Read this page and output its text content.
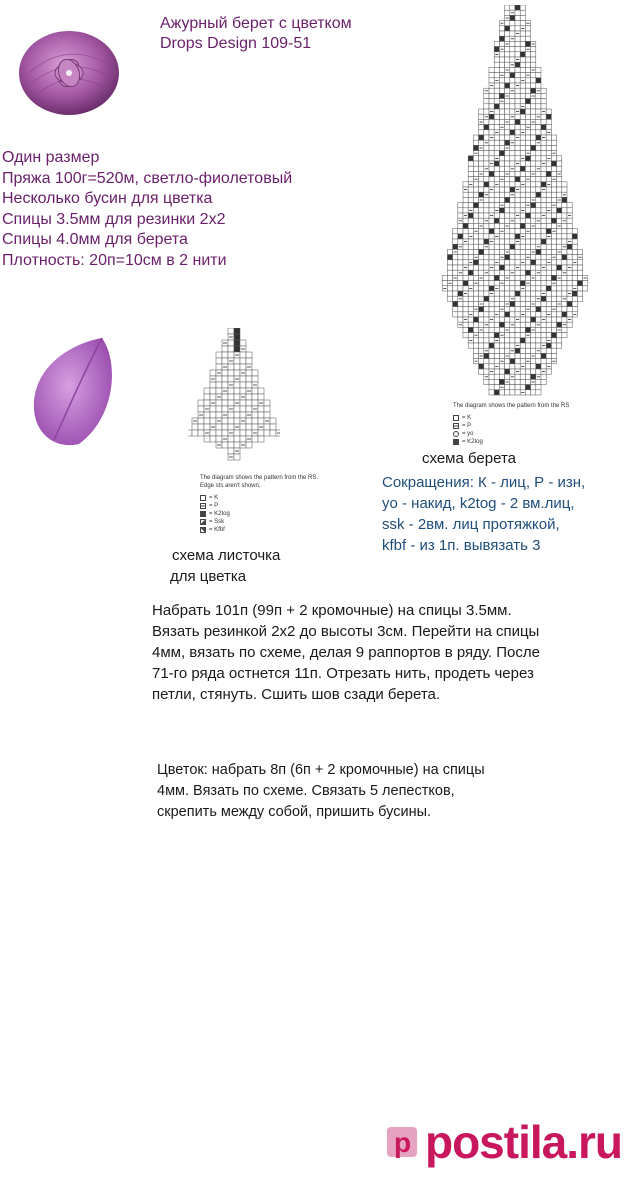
Ажурный берет с цветком
Drops Design 109-51
Один размер
Пряжа 100г=520м, светло-фиолетовый
Несколько бусин для цветка
Спицы 3.5мм для резинки 2х2
Спицы 4.0мм для берета
Плотность: 20п=10см в 2 нити
The diagram shows the pattern from the RS
= K
= P
= yo
= K2tog
схема берета
The diagram shows the pattern from the RS.
Edge sts aren't shown.
= K
= P
= K2tog
= Ssk
= Kfbf
схема листочка
для цветка
Сокращения: К - лиц, Р - изн,
yo - накид, k2tog - 2 вм.лиц,
ssk - 2вм. лиц протяжкой,
kfbf - из 1п. вывязать 3
Набрать 101п (99п + 2 кромочные) на спицы 3.5мм.
Вязать резинкой 2х2 до высоты 3см. Перейти на спицы
4мм, вязать по схеме, делая 9 раппортов в ряду. После
71-го ряда остнется 11п. Отрезать нить, продеть через
петли, стянуть. Сшить шов сзади берета.
Цветок: набрать 8п (6п + 2 кромочные) на спицы
4мм. Вязать по схеме. Связать 5 лепестков,
скрепить между собой, пришить бусины.
p postila.ru
